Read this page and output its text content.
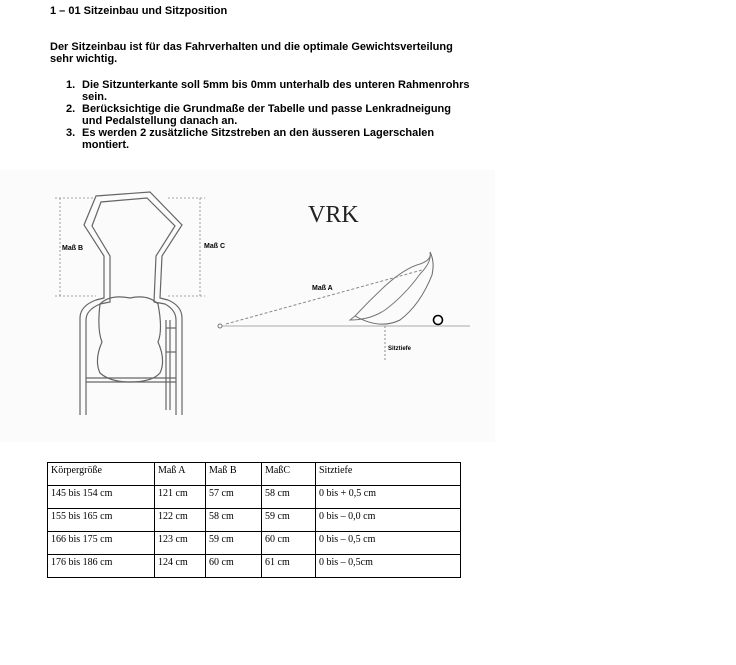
1 – 01 Sitzeinbau und Sitzposition
Der Sitzeinbau ist für das Fahrverhalten und die optimale Gewichtsverteilung sehr wichtig.
1. Die Sitzunterkante soll 5mm bis 0mm unterhalb des unteren Rahmenrohrs sein.
2. Berücksichtige die Grundmaße der Tabelle und passe Lenkradneigung und Pedalstellung danach an.
3. Es werden 2 zusätzliche Sitzstreben an den äusseren Lagerschalen montiert.
Maß B	Maß C
VRK
Maß A
Sitztiefe
Körpergröße	Maß A	Maß B	MaßC	Sitztiefe
145 bis 154 cm	121 cm	57 cm	58 cm	0 bis + 0,5 cm
155 bis 165 cm	122 cm	58 cm	59 cm	0 bis – 0,0 cm
166 bis 175 cm	123 cm	59 cm	60 cm	0 bis – 0,5 cm
176 bis 186 cm	124 cm	60 cm	61 cm	0 bis – 0,5cm
